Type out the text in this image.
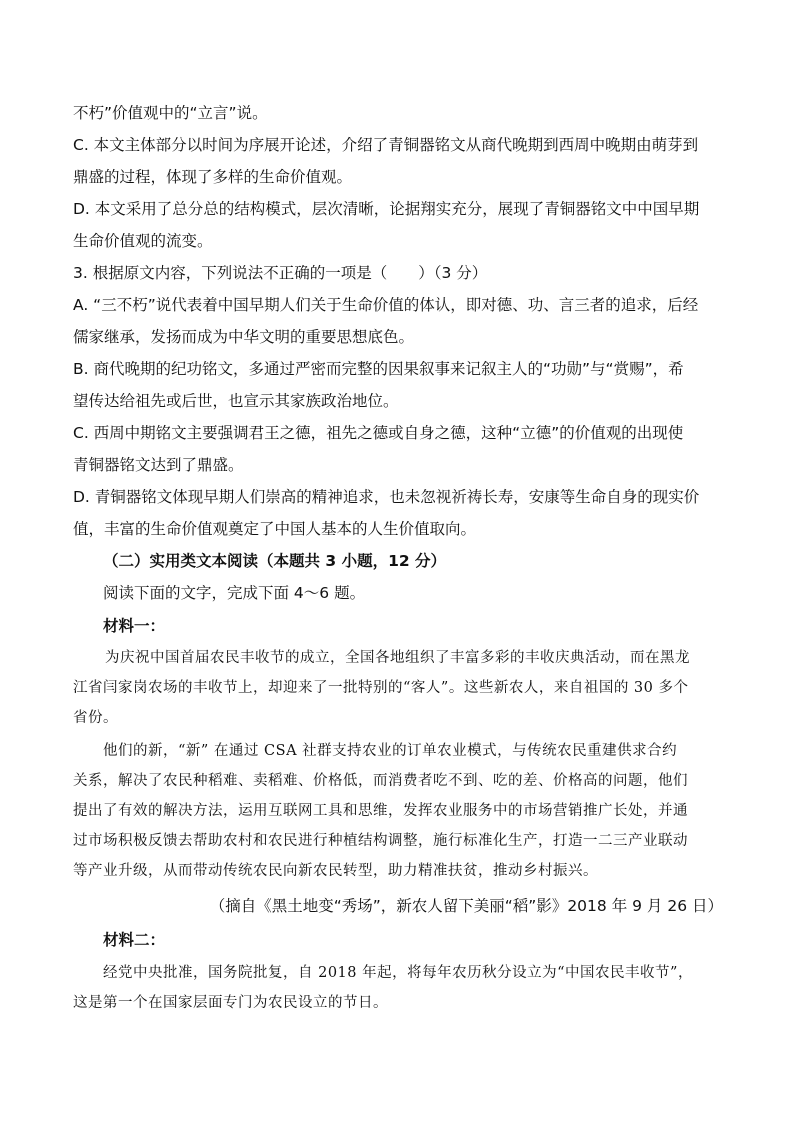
不朽”价值观中的“立言”说。
C. 本文主体部分以时间为序展开论述，介绍了青铜器铭文从商代晚期到西周中晚期由萌芽到
鼎盛的过程，体现了多样的生命价值观。
D. 本文采用了总分总的结构模式，层次清晰，论据翔实充分，展现了青铜器铭文中中国早期
生命价值观的流变。
3. 根据原文内容，下列说法不正确的一项是（　　）（3 分）
A. “三不朽”说代表着中国早期人们关于生命价值的体认，即对德、功、言三者的追求，后经
儒家继承，发扬而成为中华文明的重要思想底色。
B. 商代晚期的纪功铭文，多通过严密而完整的因果叙事来记叙主人的“功勋”与“赏赐”，希
望传达给祖先或后世，也宣示其家族政治地位。
C. 西周中期铭文主要强调君王之德，祖先之德或自身之德，这种“立德”的价值观的出现使
青铜器铭文达到了鼎盛。
D. 青铜器铭文体现早期人们崇高的精神追求，也未忽视祈祷长寿，安康等生命自身的现实价
值，丰富的生命价值观奠定了中国人基本的人生价值取向。
（二）实用类文本阅读（本题共 3 小题，12 分）
阅读下面的文字，完成下面 4～6 题。
材料一：
为庆祝中国首届农民丰收节的成立，全国各地组织了丰富多彩的丰收庆典活动，而在黑龙
江省闫家岗农场的丰收节上，却迎来了一批特别的“客人”。这些新农人，来自祖国的 30 多个
省份。
他们的新，“新” 在通过 CSA 社群支持农业的订单农业模式，与传统农民重建供求合约
关系，解决了农民种稻难、卖稻难、价格低，而消费者吃不到、吃的差、价格高的问题，他们
提出了有效的解决方法，运用互联网工具和思维，发挥农业服务中的市场营销推广长处，并通
过市场积极反馈去帮助农村和农民进行种植结构调整，施行标准化生产，打造一二三产业联动
等产业升级，从而带动传统农民向新农民转型，助力精准扶贫，推动乡村振兴。
（摘自《黑土地变“秀场”，新农人留下美丽“稻”影》2018 年 9 月 26 日）
材料二：
经党中央批准，国务院批复，自 2018 年起，将每年农历秋分设立为“中国农民丰收节”，
这是第一个在国家层面专门为农民设立的节日。
